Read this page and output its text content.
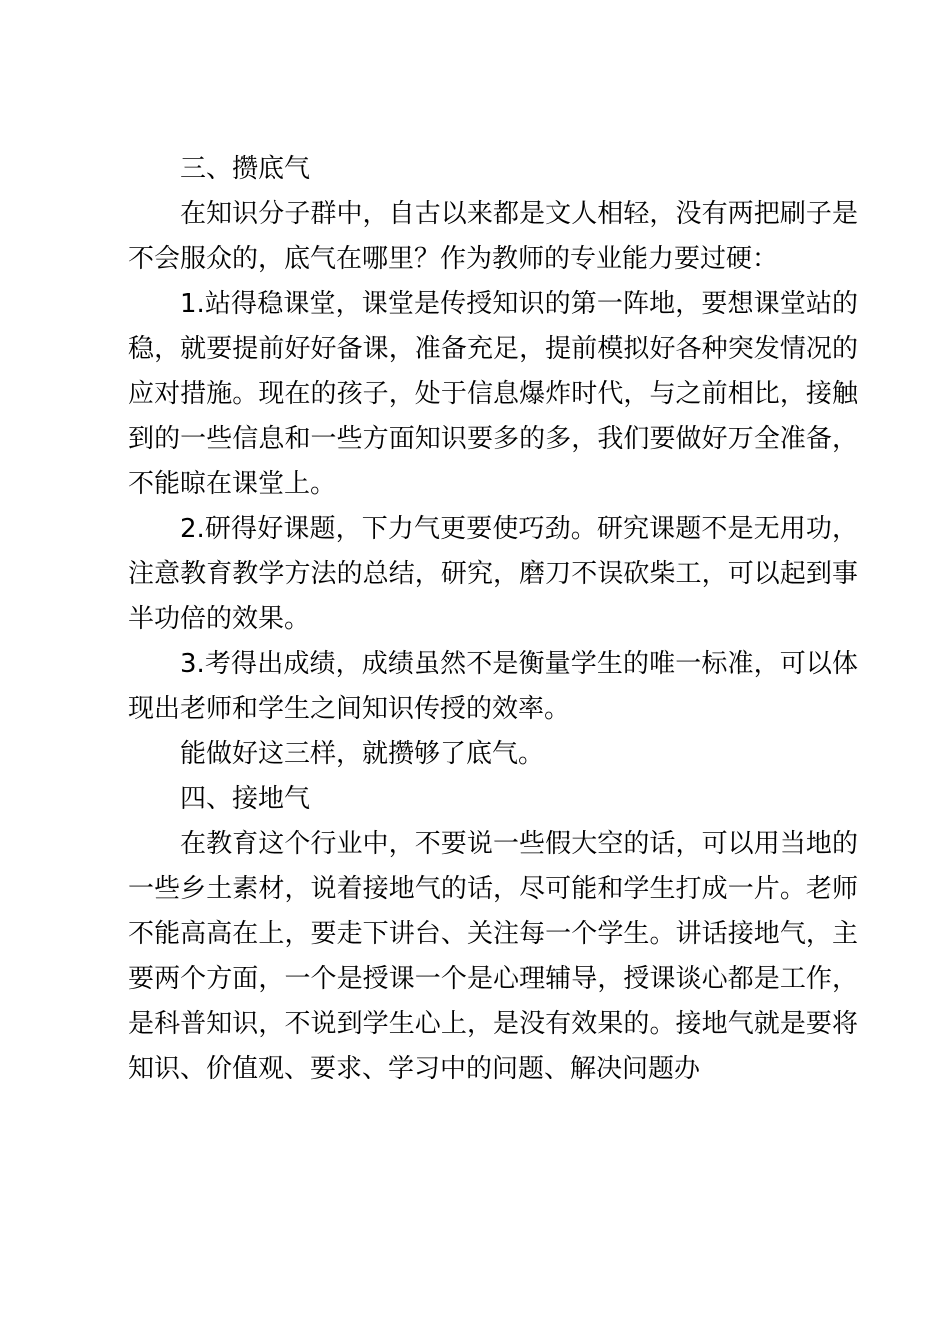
三、攒底气

在知识分子群中，自古以来都是文人相轻，没有两把刷子是不会服众的，底气在哪里？作为教师的专业能力要过硬：

1.站得稳课堂，课堂是传授知识的第一阵地，要想课堂站的稳，就要提前好好备课，准备充足，提前模拟好各种突发情况的应对措施。现在的孩子，处于信息爆炸时代，与之前相比，接触到的一些信息和一些方面知识要多的多，我们要做好万全准备，不能晾在课堂上。

2.研得好课题，下力气更要使巧劲。研究课题不是无用功，注意教育教学方法的总结，研究，磨刀不误砍柴工，可以起到事半功倍的效果。

3.考得出成绩，成绩虽然不是衡量学生的唯一标准，可以体现出老师和学生之间知识传授的效率。

能做好这三样，就攒够了底气。

四、接地气

在教育这个行业中，不要说一些假大空的话，可以用当地的一些乡土素材，说着接地气的话，尽可能和学生打成一片。老师不能高高在上，要走下讲台、关注每一个学生。讲话接地气，主要两个方面，一个是授课一个是心理辅导，授课谈心都是工作，是科普知识，不说到学生心上，是没有效果的。接地气就是要将知识、价值观、要求、学习中的问题、解决问题办
